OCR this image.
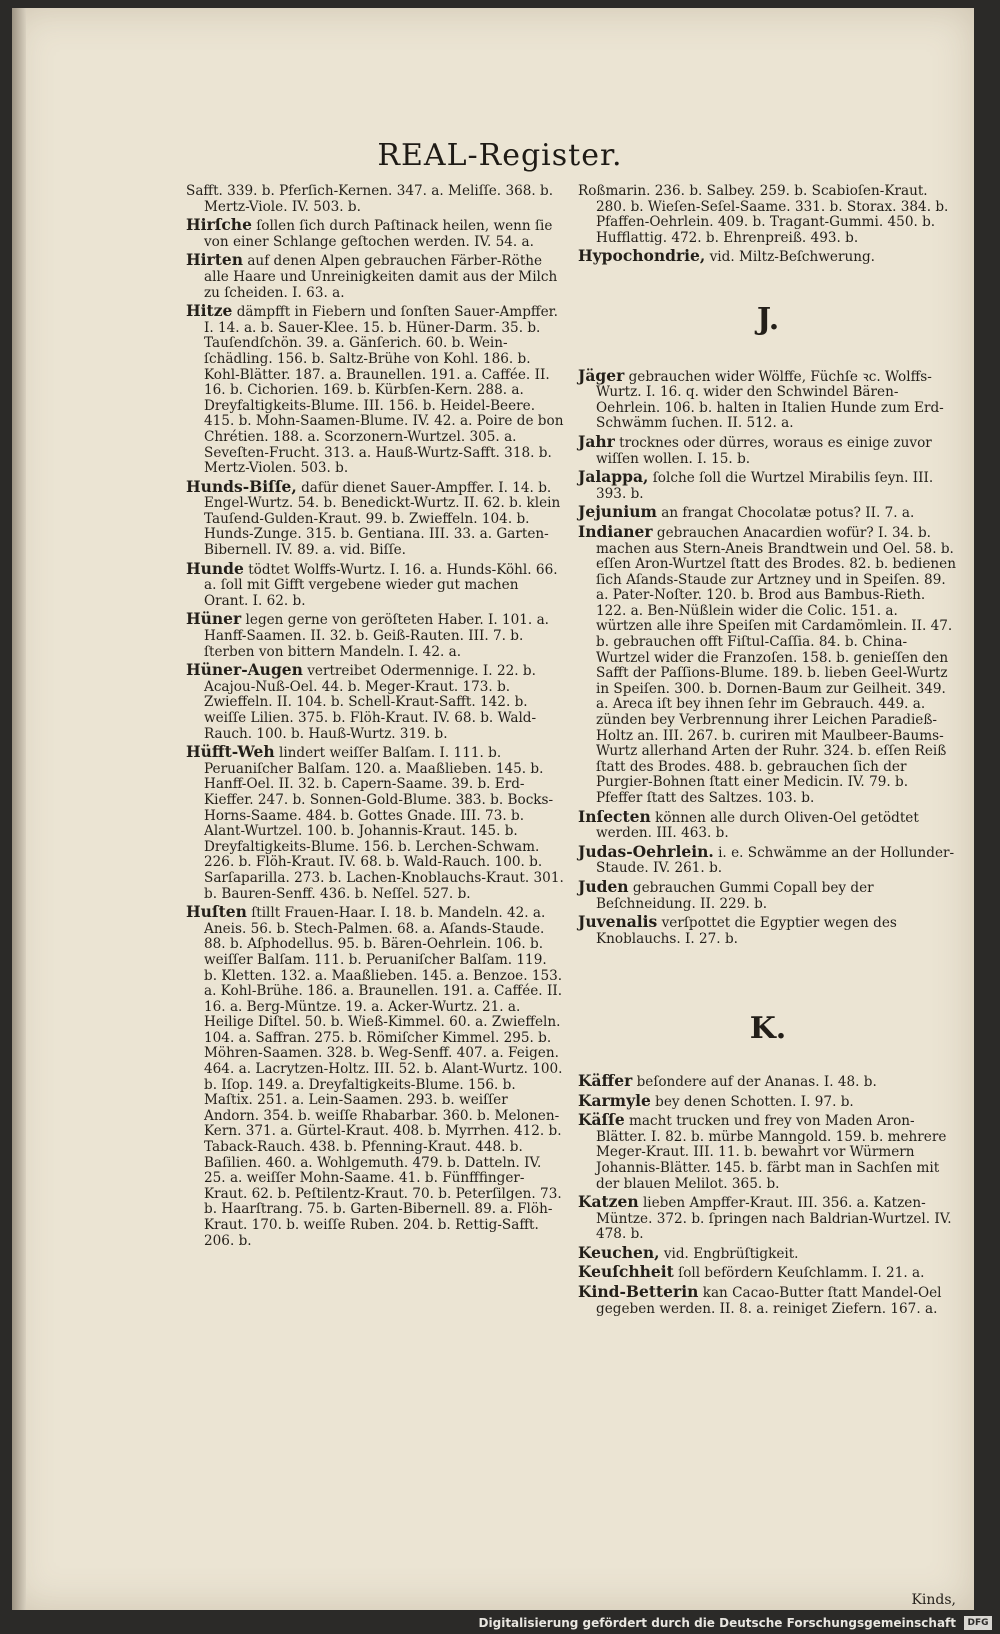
REAL-Register.
Safft. 339. b. Pferſich-Kernen. 347. a. Meliſſe. 368. b. Mertz-Viole. IV. 503. b.
Hirſche ſollen ſich durch Paſtinack heilen, wenn ſie von einer Schlange geſtochen werden. IV. 54. a.
Hirten auf denen Alpen gebrauchen Färber-Röthe alle Haare und Unreinigkeiten damit aus der Milch zu ſcheiden. I. 63. a.
Hitze dämpfft in Fiebern und ſonſten Sauer-Ampffer. I. 14. a. b. Sauer-Klee. 15. b. Hüner-Darm. 35. b. Tauſendſchön. 39. a. Gänſerich. 60. b. Wein-ſchädling. 156. b. Saltz-Brühe von Kohl. 186. b. Kohl-Blätter. 187. a. Braunellen. 191. a. Caffée. II. 16. b. Cichorien. 169. b. Kürbſen-Kern. 288. a. Dreyfaltigkeits-Blume. III. 156. b. Heidel-Beere. 415. b. Mohn-Saamen-Blume. IV. 42. a. Poire de bon Chrétien. 188. a. Scorzonern-Wurtzel. 305. a. Seveſten-Frucht. 313. a. Hauß-Wurtz-Safft. 318. b. Mertz-Violen. 503. b.
Hunds-Biſſe, dafür dienet Sauer-Ampffer. I. 14. b. Engel-Wurtz. 54. b. Benedickt-Wurtz. II. 62. b. klein Tauſend-Gulden-Kraut. 99. b. Zwieffeln. 104. b. Hunds-Zunge. 315. b. Gentiana. III. 33. a. Garten-Bibernell. IV. 89. a. vid. Biſſe.
Hunde tödtet Wolffs-Wurtz. I. 16. a. Hunds-Köhl. 66. a. ſoll mit Gifft vergebene wieder gut machen Orant. I. 62. b.
Hüner legen gerne von geröſteten Haber. I. 101. a. Hanff-Saamen. II. 32. b. Geiß-Rauten. III. 7. b. ſterben von bittern Mandeln. I. 42. a.
Hüner-Augen vertreibet Odermennige. I. 22. b. Acajou-Nuß-Oel. 44. b. Meger-Kraut. 173. b. Zwieffeln. II. 104. b. Schell-Kraut-Safft. 142. b. weiſſe Lilien. 375. b. Flöh-Kraut. IV. 68. b. Wald-Rauch. 100. b. Hauß-Wurtz. 319. b.
Hüfft-Weh lindert weiſſer Balſam. I. 111. b. Peruaniſcher Balſam. 120. a. Maaßlieben. 145. b. Hanff-Oel. II. 32. b. Capern-Saame. 39. b. Erd-Kieffer. 247. b. Sonnen-Gold-Blume. 383. b. Bocks-Horns-Saame. 484. b. Gottes Gnade. III. 73. b. Alant-Wurtzel. 100. b. Johannis-Kraut. 145. b. Dreyfaltigkeits-Blume. 156. b. Lerchen-Schwam. 226. b. Flöh-Kraut. IV. 68. b. Wald-Rauch. 100. b. Sarſaparilla. 273. b. Lachen-Knoblauchs-Kraut. 301. b. Bauren-Senff. 436. b. Neſſel. 527. b.
Huſten ſtillt Frauen-Haar. I. 18. b. Mandeln. 42. a. Aneis. 56. b. Stech-Palmen. 68. a. Aſands-Staude. 88. b. Aſphodellus. 95. b. Bären-Oehrlein. 106. b. weiſſer Balſam. 111. b. Peruaniſcher Balſam. 119. b. Kletten. 132. a. Maaßlieben. 145. a. Benzoe. 153. a. Kohl-Brühe. 186. a. Braunellen. 191. a. Caffée. II. 16. a. Berg-Müntze. 19. a. Acker-Wurtz. 21. a. Heilige Diſtel. 50. b. Wieß-Kimmel. 60. a. Zwieffeln. 104. a. Saffran. 275. b. Römiſcher Kimmel. 295. b. Möhren-Saamen. 328. b. Weg-Senff. 407. a. Feigen. 464. a. Lacrytzen-Holtz. III. 52. b. Alant-Wurtz. 100. b. Iſop. 149. a. Dreyfaltigkeits-Blume. 156. b. Maſtix. 251. a. Lein-Saamen. 293. b. weiſſer Andorn. 354. b. weiſſe Rhabarbar. 360. b. Melonen-Kern. 371. a. Gürtel-Kraut. 408. b. Myrrhen. 412. b. Taback-Rauch. 438. b. Pfenning-Kraut. 448. b. Baſilien. 460. a. Wohlgemuth. 479. b. Datteln. IV. 25. a. weiſſer Mohn-Saame. 41. b. Fünfffinger-Kraut. 62. b. Peſtilentz-Kraut. 70. b. Peterſilgen. 73. b. Haarſtrang. 75. b. Garten-Bibernell. 89. a. Flöh-Kraut. 170. b. weiſſe Ruben. 204. b. Rettig-Safft. 206. b.
Roßmarin. 236. b. Salbey. 259. b. Scabioſen-Kraut. 280. b. Wieſen-Seſel-Saame. 331. b. Storax. 384. b. Pfaffen-Oehrlein. 409. b. Tragant-Gummi. 450. b. Hufflattig. 472. b. Ehrenpreiß. 493. b.
Hypochondrie, vid. Miltz-Beſchwerung.
J.
Jäger gebrauchen wider Wölffe, Füchſe ꝛc. Wolffs-Wurtz. I. 16. q. wider den Schwindel Bären-Oehrlein. 106. b. halten in Italien Hunde zum Erd-Schwämm ſuchen. II. 512. a.
Jahr trocknes oder dürres, woraus es einige zuvor wiſſen wollen. I. 15. b.
Jalappa, ſolche ſoll die Wurtzel Mirabilis ſeyn. III. 393. b.
Jejunium an frangat Chocolatæ potus? II. 7. a.
Indianer gebrauchen Anacardien wofür? I. 34. b. machen aus Stern-Aneis Brandtwein und Oel. 58. b. eſſen Aron-Wurtzel ſtatt des Brodes. 82. b. bedienen ſich Aſands-Staude zur Artzney und in Speiſen. 89. a. Pater-Noſter. 120. b. Brod aus Bambus-Rieth. 122. a. Ben-Nüßlein wider die Colic. 151. a. würtzen alle ihre Speiſen mit Cardamömlein. II. 47. b. gebrauchen offt Fiſtul-Caſſia. 84. b. China-Wurtzel wider die Franzoſen. 158. b. genieſſen den Safft der Paſſions-Blume. 189. b. lieben Geel-Wurtz in Speiſen. 300. b. Dornen-Baum zur Geilheit. 349. a. Areca iſt bey ihnen ſehr im Gebrauch. 449. a. zünden bey Verbrennung ihrer Leichen Paradieß-Holtz an. III. 267. b. curiren mit Maulbeer-Baums-Wurtz allerhand Arten der Ruhr. 324. b. eſſen Reiß ſtatt des Brodes. 488. b. gebrauchen ſich der Purgier-Bohnen ſtatt einer Medicin. IV. 79. b. Pfeffer ſtatt des Saltzes. 103. b.
Inſecten können alle durch Oliven-Oel getödtet werden. III. 463. b.
Judas-Oehrlein. i. e. Schwämme an der Hollunder-Staude. IV. 261. b.
Juden gebrauchen Gummi Copall bey der Beſchneidung. II. 229. b.
Juvenalis verſpottet die Egyptier wegen des Knoblauchs. I. 27. b.
K.
Käffer beſondere auf der Ananas. I. 48. b.
Karmyle bey denen Schotten. I. 97. b.
Käſſe macht trucken und frey von Maden Aron-Blätter. I. 82. b. mürbe Manngold. 159. b. mehrere Meger-Kraut. III. 11. b. bewahrt vor Würmern Johannis-Blätter. 145. b. färbt man in Sachſen mit der blauen Melilot. 365. b.
Katzen lieben Ampffer-Kraut. III. 356. a. Katzen-Müntze. 372. b. ſpringen nach Baldrian-Wurtzel. IV. 478. b.
Keuchen, vid. Engbrüſtigkeit.
Keuſchheit ſoll befördern Keuſchlamm. I. 21. a.
Kind-Betterin kan Cacao-Butter ſtatt Mandel-Oel gegeben werden. II. 8. a. reiniget Ziefern. 167. a.
Kinds,
Digitalisierung gefördert durch die Deutsche Forschungsgemeinschaft	DFG
